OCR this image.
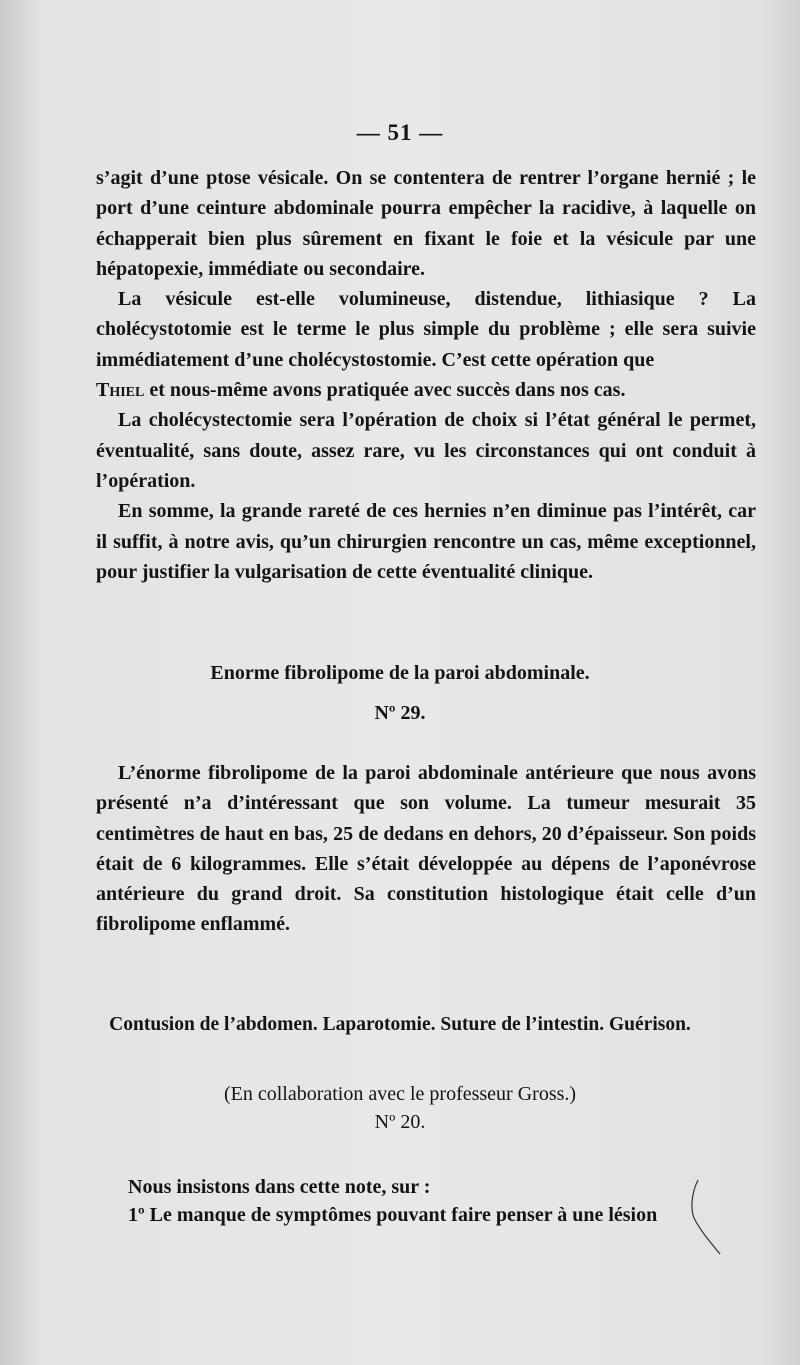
— 51 —

s’agit d’une ptose vésicale. On se contentera de rentrer l’organe hernié ; le port d’une ceinture abdominale pourra empêcher la racidive, à laquelle on échapperait bien plus sûrement en fixant le foie et la vésicule par une hépatopexie, immédiate ou secondaire.

La vésicule est-elle volumineuse, distendue, lithiasique ? La cholécystotomie est le terme le plus simple du problème ; elle sera suivie immédiatement d’une cholécystostomie. C’est cette opération que

Thiel et nous-même avons pratiquée avec succès dans nos cas.

La cholécystectomie sera l’opération de choix si l’état général le permet, éventualité, sans doute, assez rare, vu les circonstances qui ont conduit à l’opération.

En somme, la grande rareté de ces hernies n’en diminue pas l’intérêt, car il suffit, à notre avis, qu’un chirurgien rencontre un cas, même exceptionnel, pour justifier la vulgarisation de cette éventualité clinique.

Enorme fibrolipome de la paroi abdominale.
Nº 29.

L’énorme fibrolipome de la paroi abdominale antérieure que nous avons présenté n’a d’intéressant que son volume. La tumeur mesurait 35 centimètres de haut en bas, 25 de dedans en dehors, 20 d’épaisseur. Son poids était de 6 kilogrammes. Elle s’était développée au dépens de l’aponévrose antérieure du grand droit. Sa constitution histologique était celle d’un fibrolipome enflammé.

Contusion de l’abdomen. Laparotomie. Suture de l’intestin. Guérison.
(En collaboration avec le professeur Gross.)
Nº 20.
Nous insistons dans cette note, sur :
1º Le manque de symptômes pouvant faire penser à une lésion
